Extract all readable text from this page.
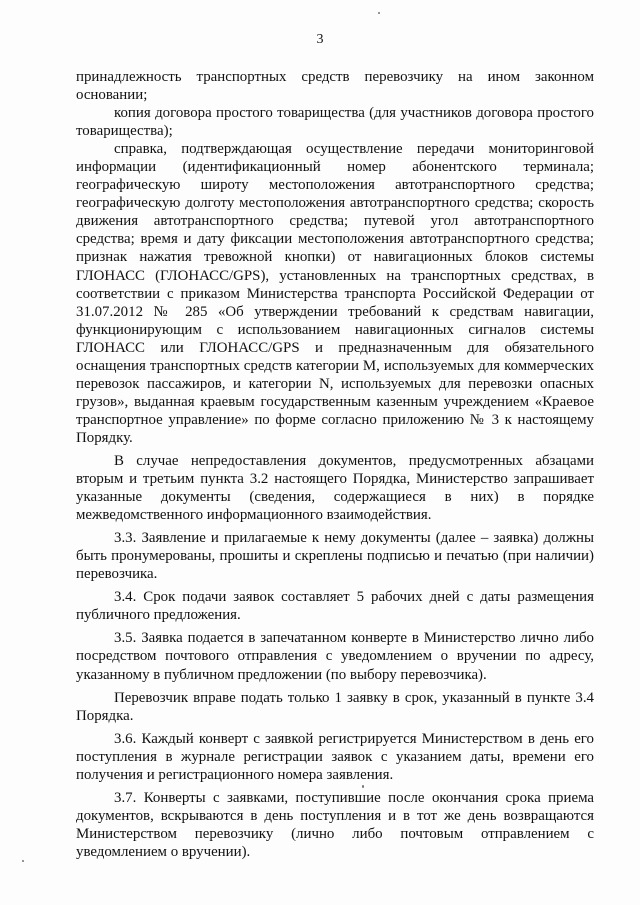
3

принадлежность транспортных средств перевозчику на ином законном основании;

копия договора простого товарищества (для участников договора простого товарищества);

справка, подтверждающая осуществление передачи мониторинговой информации (идентификационный номер абонентского терминала; географическую широту местоположения автотранспортного средства; географическую долготу местоположения автотранспортного средства; скорость движения автотранспортного средства; путевой угол автотранспортного средства; время и дату фиксации местоположения автотранспортного средства; признак нажатия тревожной кнопки) от навигационных блоков системы ГЛОНАСС (ГЛОНАСС/GPS), установленных на транспортных средствах, в соответствии с приказом Министерства транспорта Российской Федерации от 31.07.2012 № 285 «Об утверждении требований к средствам навигации, функционирующим с использованием навигационных сигналов системы ГЛОНАСС или ГЛОНАСС/GPS и предназначенным для обязательного оснащения транспортных средств категории М, используемых для коммерческих перевозок пассажиров, и категории N, используемых для перевозки опасных грузов», выданная краевым государственным казенным учреждением «Краевое транспортное управление» по форме согласно приложению № 3 к настоящему Порядку.

В случае непредоставления документов, предусмотренных абзацами вторым и третьим пункта 3.2 настоящего Порядка, Министерство запрашивает указанные документы (сведения, содержащиеся в них) в порядке межведомственного информационного взаимодействия.

3.3. Заявление и прилагаемые к нему документы (далее – заявка) должны быть пронумерованы, прошиты и скреплены подписью и печатью (при наличии) перевозчика.

3.4. Срок подачи заявок составляет 5 рабочих дней с даты размещения публичного предложения.

3.5. Заявка подается в запечатанном конверте в Министерство лично либо посредством почтового отправления с уведомлением о вручении по адресу, указанному в публичном предложении (по выбору перевозчика).

Перевозчик вправе подать только 1 заявку в срок, указанный в пункте 3.4 Порядка.

3.6. Каждый конверт с заявкой регистрируется Министерством в день его поступления в журнале регистрации заявок с указанием даты, времени его получения и регистрационного номера заявления.

3.7. Конверты с заявками, поступившие после окончания срока приема документов, вскрываются в день поступления и в тот же день возвращаются Министерством перевозчику (лично либо почтовым отправлением с уведомлением о вручении).
